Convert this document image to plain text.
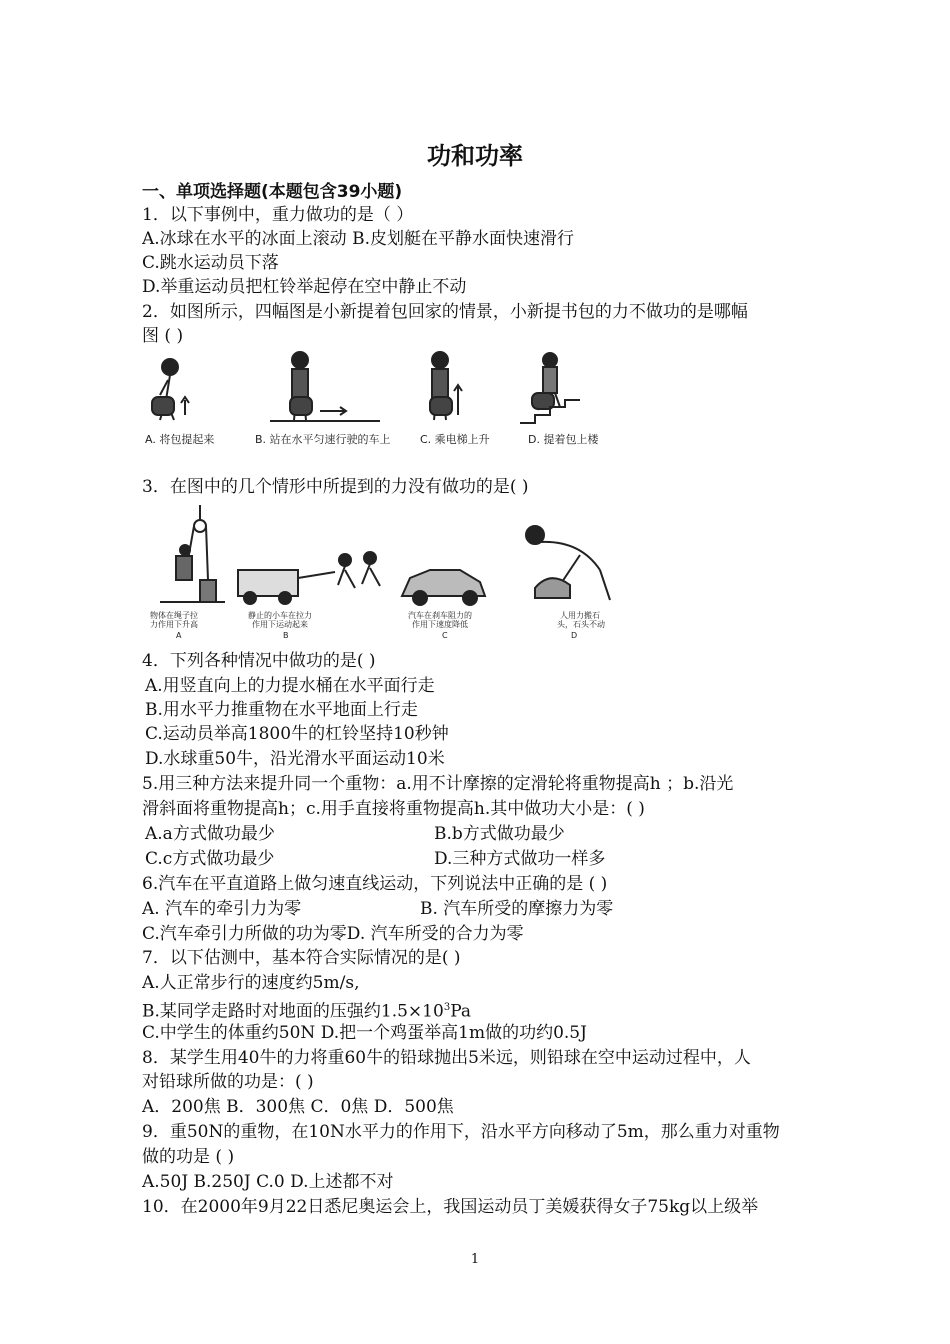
功和功率
一、单项选择题(本题包含39小题)
1．以下事例中，重力做功的是（ ）
A.冰球在水平的冰面上滚动 B.皮划艇在平静水面快速滑行
C.跳水运动员下落
D.举重运动员把杠铃举起停在空中静止不动
2．如图所示，四幅图是小新提着包回家的情景，小新提书包的力不做功的是哪幅
图 ( )
A. 将包提起来	B. 站在水平匀速行驶的车上	C. 乘电梯上升	D. 提着包上楼
3．在图中的几个情形中所提到的力没有做功的是( )
物体在绳子拉
力作用下升高
A
静止的小车在拉力
作用下运动起来
B
汽车在刹车阻力的
作用下速度降低
C
人用力搬石
头，石头不动
D
4．下列各种情况中做功的是( )
A.用竖直向上的力提水桶在水平面行走
B.用水平力推重物在水平地面上行走
C.运动员举高1800牛的杠铃坚持10秒钟
D.水球重50牛，沿光滑水平面运动10米
5.用三种方法来提升同一个重物：a.用不计摩擦的定滑轮将重物提高h ；b.沿光
滑斜面将重物提高h；c.用手直接将重物提高h.其中做功大小是：( )
A.a方式做功最少	B.b方式做功最少
C.c方式做功最少	D.三种方式做功一样多
6.汽车在平直道路上做匀速直线运动，下列说法中正确的是 ( )
A. 汽车的牵引力为零	B. 汽车所受的摩擦力为零
C.汽车牵引力所做的功为零D. 汽车所受的合力为零
7．以下估测中，基本符合实际情况的是( )
A.人正常步行的速度约5m/s,
B.某同学走路时对地面的压强约$1.5\times 10^3Pa$
C.中学生的体重约50N D.把一个鸡蛋举高1m做的功约0.5J
8．某学生用40牛的力将重60牛的铅球抛出5米远，则铅球在空中运动过程中，人
对铅球所做的功是：( )
A．200焦 B．300焦 C．0焦 D．500焦
9．重50N的重物，在10N水平力的作用下，沿水平方向移动了5m，那么重力对重物
做的功是 ( )
A.50J B.250J C.0 D.上述都不对
10．在2000年9月22日悉尼奥运会上，我国运动员丁美媛获得女子75kg以上级举
1
